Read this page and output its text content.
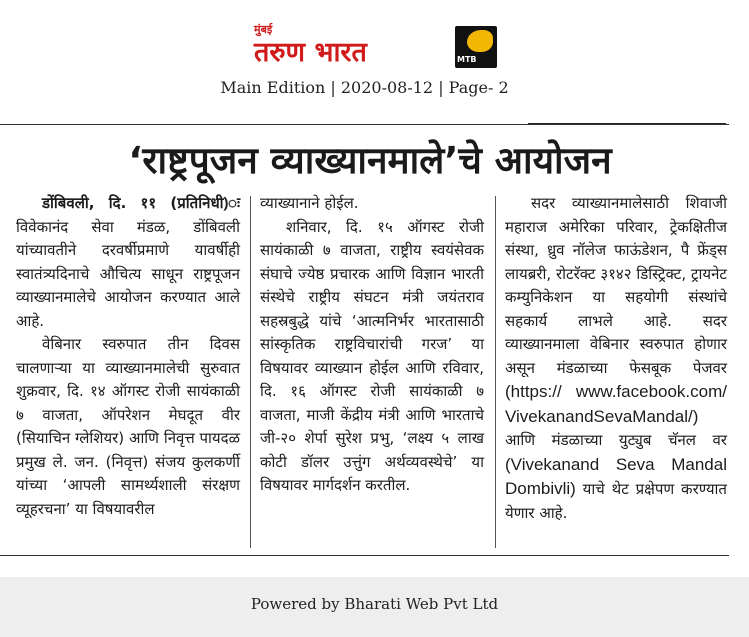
मुंबई
तरुण भारत	MTB
Main Edition | 2020-08-12 | Page- 2
‘राष्ट्रपूजन व्याख्यानमाले’चे आयोजन

डोंबिवली, दि. ११ (प्रतिनिधी)ः विवेकानंद सेवा मंडळ, डोंबिवली यांच्यावतीने दरवर्षीप्रमाणे यावर्षीही स्वातंत्र्यदिनाचे औचित्य साधून राष्ट्रपूजन व्याख्यानमालेचे आयोजन करण्यात आले आहे.

वेबिनार स्वरुपात तीन दिवस चालणार्‍या या व्याख्यानमालेची सुरुवात शुक्रवार, दि. १४ ऑगस्ट रोजी सायंकाळी ७ वाजता, ऑपरेशन मेघदूत वीर (सियाचिन ग्लेशियर) आणि निवृत्त पायदळ प्रमुख ले. जन. (निवृत्त) संजय कुलकर्णी यांच्या ‘आपली सामर्थ्यशाली संरक्षण व्यूहरचना’ या विषयावरील

व्याख्यानाने होईल.

शनिवार, दि. १५ ऑगस्ट रोजी सायंकाळी ७ वाजता, राष्ट्रीय स्वयंसेवक संघाचे ज्येष्ठ प्रचारक आणि विज्ञान भारती संस्थेचे राष्ट्रीय संघटन मंत्री जयंतराव सहस्रबुद्धे यांचे ‘आत्मनिर्भर भारतासाठी सांस्कृतिक राष्ट्रविचारांची गरज’ या विषयावर व्याख्यान होईल आणि रविवार, दि. १६ ऑगस्ट रोजी सायंकाळी ७ वाजता, माजी केंद्रीय मंत्री आणि भारताचे जी-२० शेर्पा सुरेश प्रभु, ‘लक्ष्य ५ लाख कोटी डॉलर उत्तुंग अर्थव्यवस्थेचे’ या विषयावर मार्गदर्शन करतील.

सदर व्याख्यानमालेसाठी शिवाजी महाराज अमेरिका परिवार, ट्रेकक्षितीज संस्था, ध्रुव नॉलेज फाऊंडेशन, पै फ्रेंड्स लायब्ररी, रोटरॅक्ट ३१४२ डिस्ट्रिक्ट, ट्रायनेट कम्युनिकेशन या सहयोगी संस्थांचे सहकार्य लाभले आहे. सदर व्याख्यानमाला वेबिनार स्वरुपात होणार असून मंडळाच्या फेसबूक पेजवर (https:// www.facebook.com/ VivekanandSevaMandal/) आणि मंडळाच्या युट्युब चॅनल वर (Vivekanand Seva Mandal Dombivli) याचे थेट प्रक्षेपण करण्यात येणार आहे.

Powered by Bharati Web Pvt Ltd
